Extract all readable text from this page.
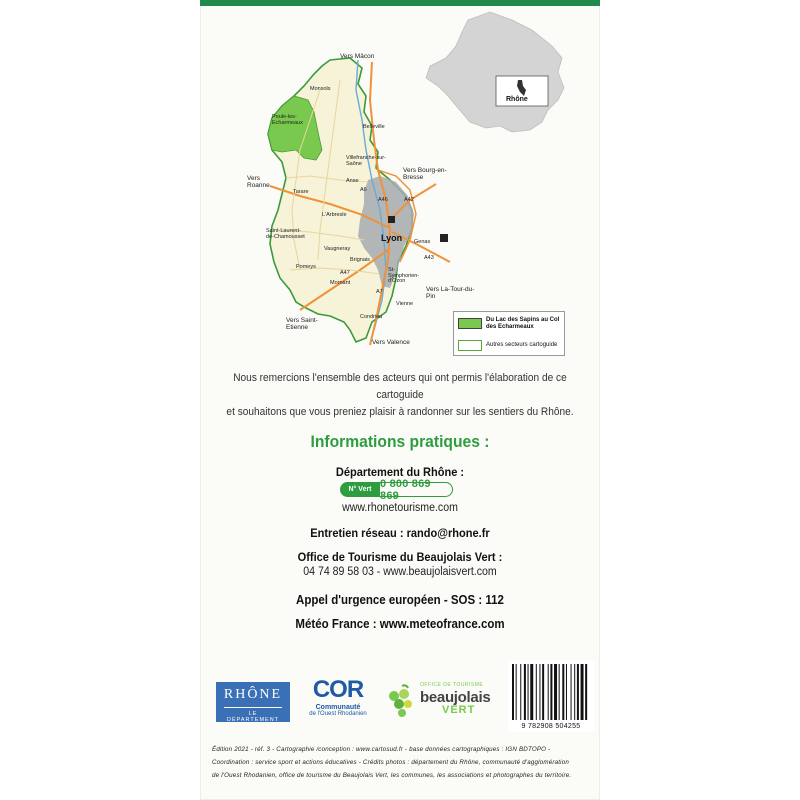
Vers Mâcon
Monsols
Poule-les-Echarmeaux
Belleville
Villefranche-sur-Saône
Vers Bourg-en-Bresse
Vers Roanne
Tarare
Anse
L'Arbresle
Saint-Laurent-de-Chamousset
Vaugneray
Lyon Genas
Pomeys
Brignais
St-Symphorien-d'Ozon
Mornant
Vers La-Tour-du-Pin
Vienne
Vers Saint-Etienne
Condrieu
Vers Valence
A6
A46	A42
A43
A7
A47
Rhône
Du Lac des Sapins au Col des Echarmeaux
Autres secteurs cartoguide
Nous remercions l'ensemble des acteurs qui ont permis l'élaboration de ce cartoguide
et souhaitons que vous preniez plaisir à randonner sur les sentiers du Rhône.
Informations pratiques :
Département du Rhône :
N° Vert 0 800 869 869
www.rhonetourisme.com
Entretien réseau : rando@rhone.fr
Office de Tourisme du Beaujolais Vert :
04 74 89 58 03 - www.beaujolaisvert.com
Appel d'urgence européen - SOS : 112
Météo France : www.meteofrance.com
RHÔNE
LE DÉPARTEMENT
COR
Communauté
de l'Ouest Rhodanien
OFFICE DE TOURISME
beaujolais
VERT
9 782908 504255
Édition 2021 - réf. 3 - Cartographie /conception : www.cartosud.fr - base données cartographiques : IGN BDTOPO -
Coordination : service sport et actions éducatives - Crédits photos : département du Rhône, communauté d'agglomération
de l'Ouest Rhodanien, office de tourisme du Beaujolais Vert, les communes, les associations et photographes du territoire.
